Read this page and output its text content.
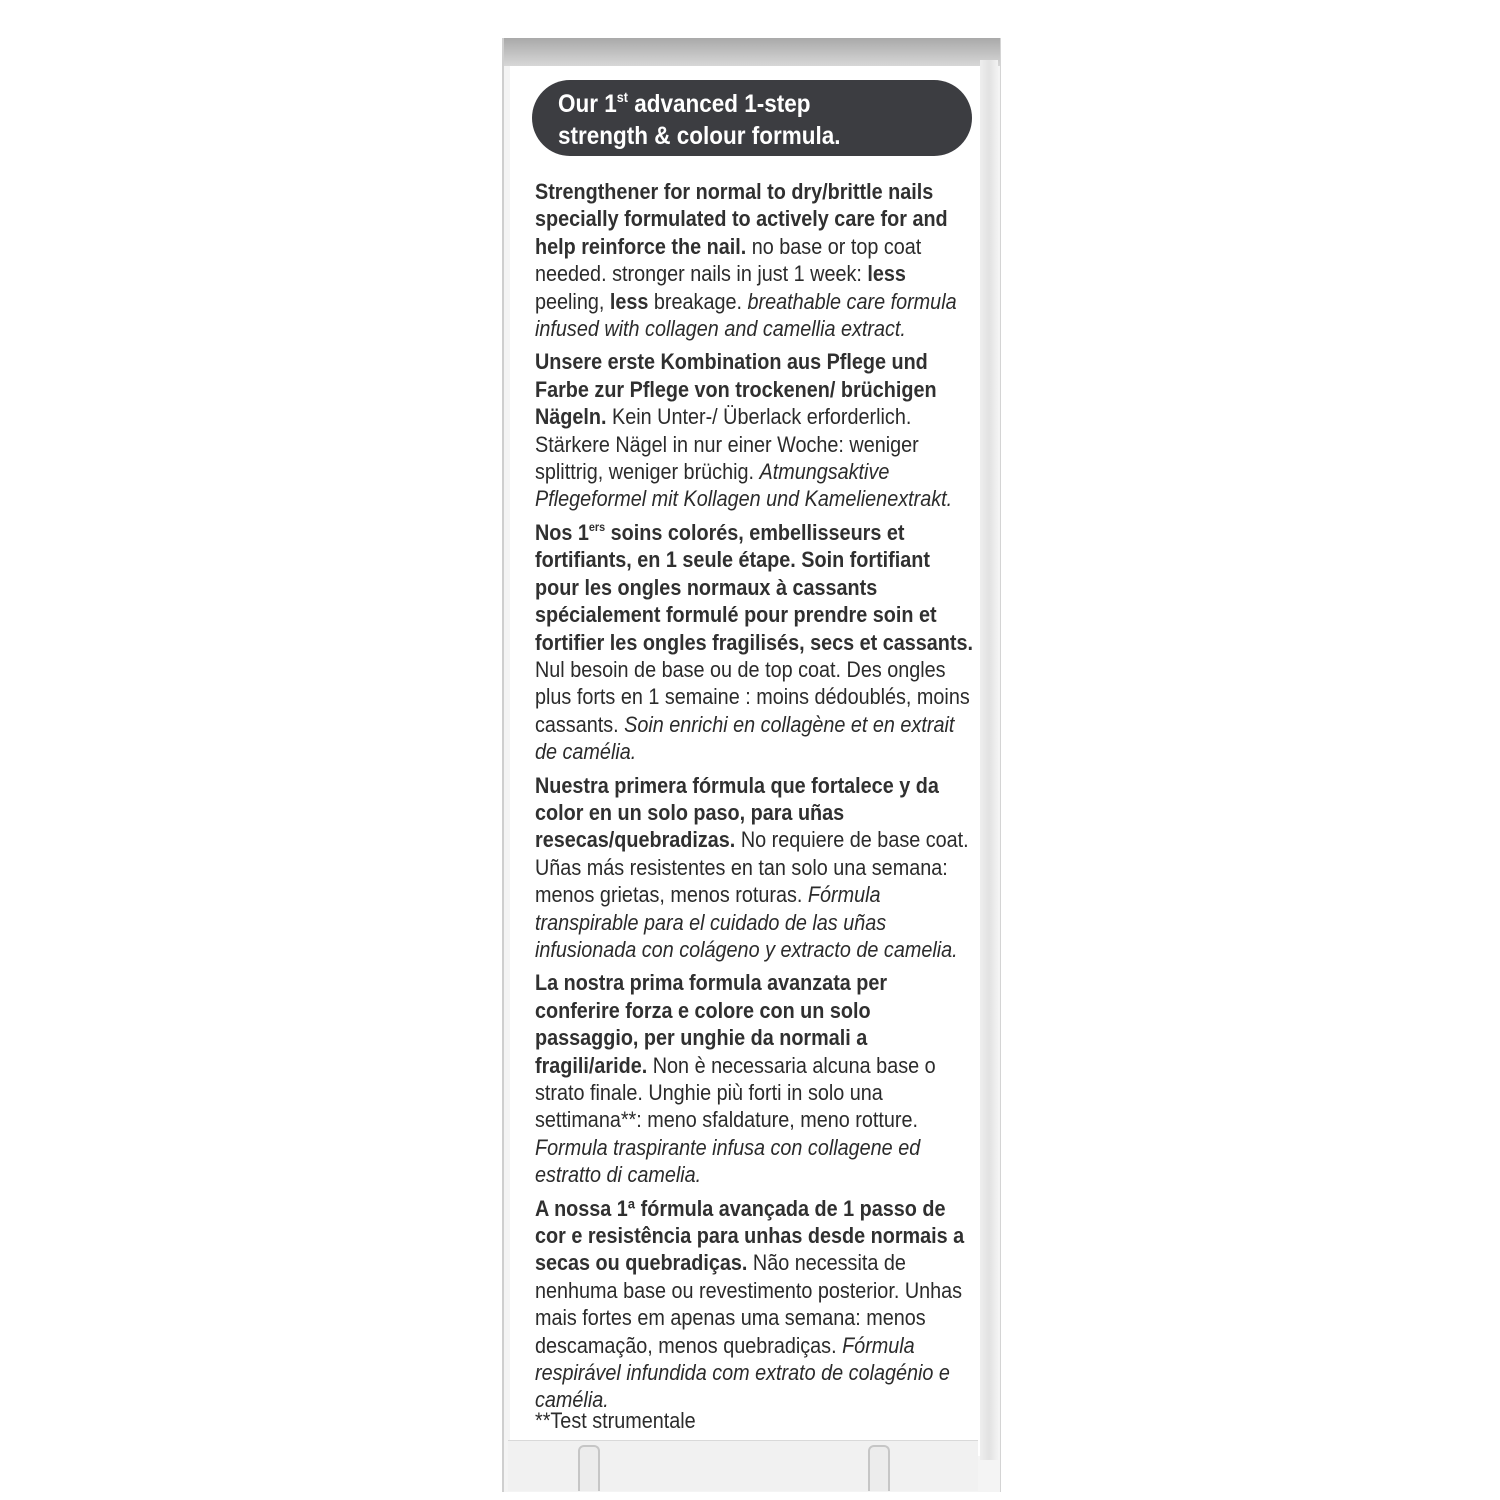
Our 1st advanced 1-step
strength & colour formula.

Strengthener for normal to dry/brittle nails specially formulated to actively care for and help reinforce the nail. no base or top coat needed. stronger nails in just 1 week: less peeling, less breakage. breathable care formula infused with collagen and camellia extract.

Unsere erste Kombination aus Pflege und Farbe zur Pflege von trockenen/ brüchigen Nägeln. Kein Unter-/ Überlack erforderlich. Stärkere Nägel in nur einer Woche: weniger splittrig, weniger brüchig. Atmungsaktive Pflegeformel mit Kollagen und Kamelienextrakt.

Nos 1ers soins colorés, embellisseurs et fortifiants, en 1 seule étape. Soin fortifiant pour les ongles normaux à cassants spécialement formulé pour prendre soin et fortifier les ongles fragilisés, secs et cassants. Nul besoin de base ou de top coat. Des ongles plus forts en 1 semaine : moins dédoublés, moins cassants. Soin enrichi en collagène et en extrait de camélia.

Nuestra primera fórmula que fortalece y da color en un solo paso, para uñas resecas/quebradizas. No requiere de base coat. Uñas más resistentes en tan solo una semana: menos grietas, menos roturas. Fórmula transpirable para el cuidado de las uñas infusionada con colágeno y extracto de camelia.

La nostra prima formula avanzata per conferire forza e colore con un solo passaggio, per unghie da normali a fragili/aride. Non è necessaria alcuna base o strato finale. Unghie più forti in solo una settimana**: meno sfaldature, meno rotture. Formula traspirante infusa con collagene ed estratto di camelia.

A nossa 1ª fórmula avançada de 1 passo de cor e resistência para unhas desde normais a secas ou quebradiças. Não necessita de nenhuma base ou revestimento posterior. Unhas mais fortes em apenas uma semana: menos descamação, menos quebradiças. Fórmula respirável infundida com extrato de colagénio e camélia.

**Test strumentale
